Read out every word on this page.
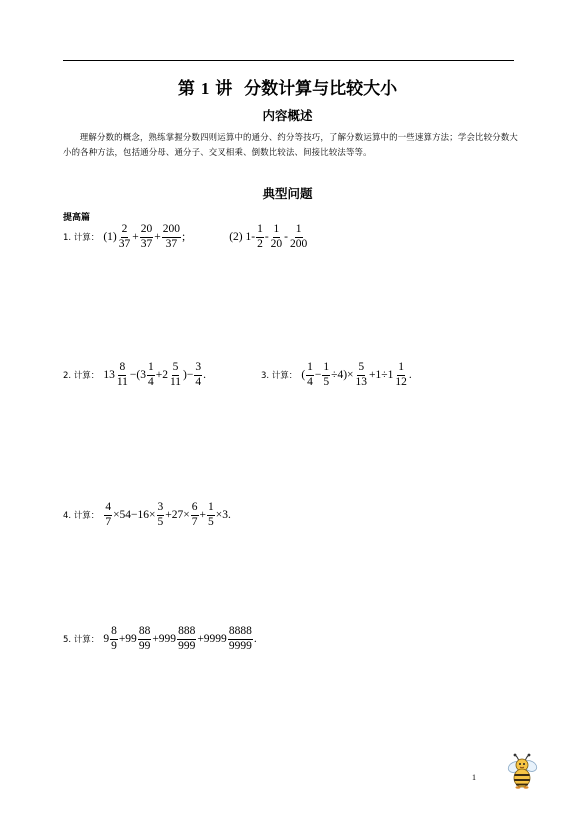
第 1 讲  分数计算与比较大小
内容概述
理解分数的概念，熟练掌握分数四则运算中的通分、约分等技巧，了解分数运算中的一些速算方法；学会比较分数大小的各种方法，包括通分母、通分子、交叉相乘、倒数比较法、间接比较法等等。
典型问题
提高篇
1. 计算： $(1) \frac{2}{37} + \frac{20}{37} + \frac{200}{37}$ ;	(2) $1- \frac{1}{2} - \frac{1}{20} - \frac{1}{200}$
2. 计算： $13 \frac{8}{11} -(3 \frac{1}{4} +2 \frac{5}{11}$ )− $\frac{3}{4}$ .	3. 计算： ( $\frac{1}{4} - \frac{1}{5} \div 4)\times \frac{5}{13} +1\div 1 \frac{1}{12}$ .
4. 计算： $\frac{4}{7} \times 54-16\times \frac{3}{5} +27\times \frac{6}{7} + \frac{1}{5} \times 3$.
5. 计算： $9 \frac{8}{9} +99 \frac{88}{99} +999 \frac{888}{999} +9999 \frac{8888}{9999}$ .
1
